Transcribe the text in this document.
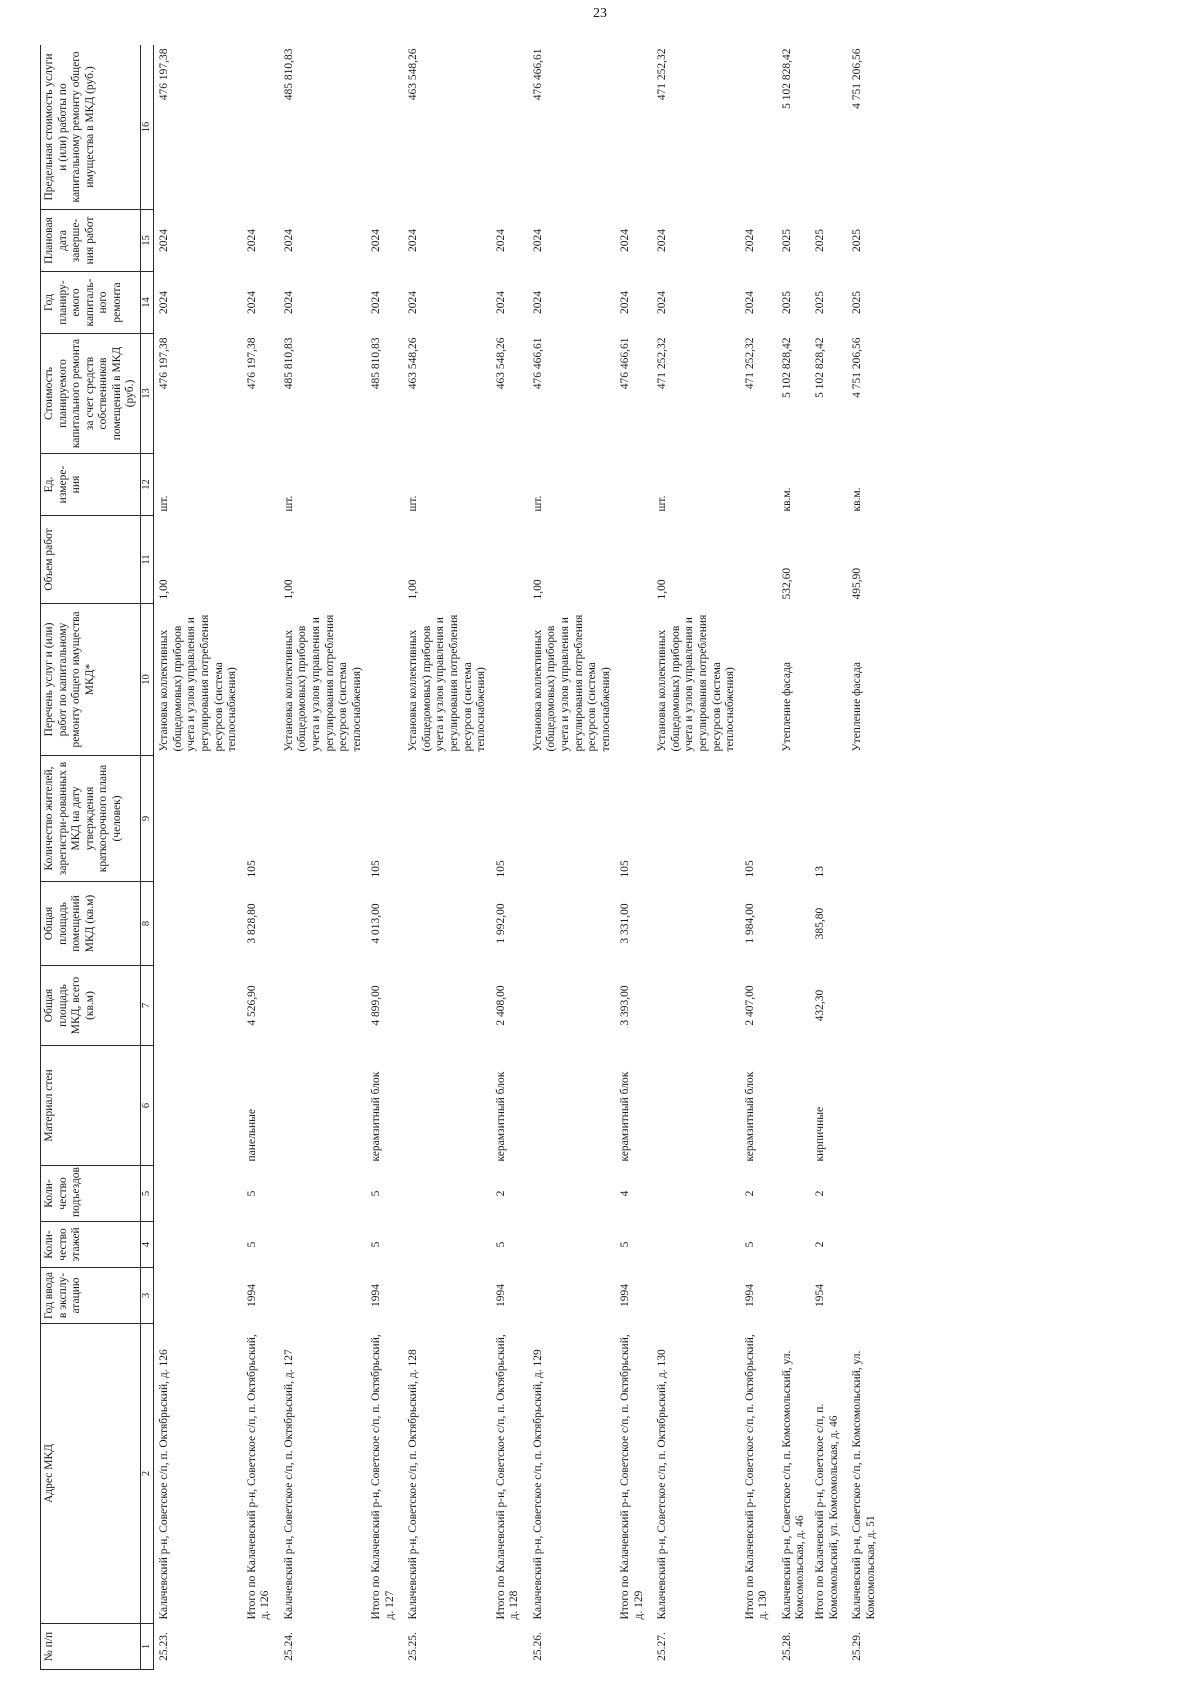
23
№ п/п	Адрес МКД	Год ввода в эксплу-атацию	Коли-чество этажей	Коли-чество подъездов	Материал стен	Общая площадь МКД, всего (кв.м)	Общая площадь помещений МКД (кв.м)	Количество жителей, зарегистри-рованных в МКД на дату утверждения краткосрочного плана (человек)	Перечень услуг и (или) работ по капитальному ремонту общего имущества МКД*	Объем работ	Ед. измере-ния	Стоимость планируемого капитального ремонта за счет средств собственников помещений в МКД (руб.)	Год планиру-емого капиталь-ного ремонта	Плановая дата заверше-ния работ	Предельная стоимость услуги и (или) работы по капитальному ремонту общего имущества в МКД (руб.)
1	2	3	4	5	6	7	8	9	10	11	12	13	14	15	16
25.23.	Калачевский р-н, Советское с/п, п. Октябрьский, д. 126								Установка коллективных (общедомовых) приборов учета и узлов управления и регулирования потребления ресурсов (система теплоснабжения)	1,00	шт.	476 197,38	2024	2024	476 197,38
	Итого по Калачевский р-н, Советское с/п, п. Октябрьский, д. 126	1994	5	5	панельные	4 526,90	3 828,80	105				476 197,38	2024	2024	
25.24.	Калачевский р-н, Советское с/п, п. Октябрьский, д. 127								Установка коллективных (общедомовых) приборов учета и узлов управления и регулирования потребления ресурсов (система теплоснабжения)	1,00	шт.	485 810,83	2024	2024	485 810,83
	Итого по Калачевский р-н, Советское с/п, п. Октябрьский, д. 127	1994	5	5	керамзитный блок	4 899,00	4 013,00	105				485 810,83	2024	2024	
25.25.	Калачевский р-н, Советское с/п, п. Октябрьский, д. 128								Установка коллективных (общедомовых) приборов учета и узлов управления и регулирования потребления ресурсов (система теплоснабжения)	1,00	шт.	463 548,26	2024	2024	463 548,26
	Итого по Калачевский р-н, Советское с/п, п. Октябрьский, д. 128	1994	5	2	керамзитный блок	2 408,00	1 992,00	105				463 548,26	2024	2024	
25.26.	Калачевский р-н, Советское с/п, п. Октябрьский, д. 129								Установка коллективных (общедомовых) приборов учета и узлов управления и регулирования потребления ресурсов (система теплоснабжения)	1,00	шт.	476 466,61	2024	2024	476 466,61
	Итого по Калачевский р-н, Советское с/п, п. Октябрьский, д. 129	1994	5	4	керамзитный блок	3 393,00	3 331,00	105				476 466,61	2024	2024	
25.27.	Калачевский р-н, Советское с/п, п. Октябрьский, д. 130								Установка коллективных (общедомовых) приборов учета и узлов управления и регулирования потребления ресурсов (система теплоснабжения)	1,00	шт.	471 252,32	2024	2024	471 252,32
	Итого по Калачевский р-н, Советское с/п, п. Октябрьский, д. 130	1994	5	2	керамзитный блок	2 407,00	1 984,00	105				471 252,32	2024	2024	
25.28.	Калачевский р-н, Советское с/п, п. Комсомольский, ул. Комсомольская, д. 46								Утепление фасада	532,60	кв.м.	5 102 828,42	2025	2025	5 102 828,42
	Итого по Калачевский р-н, Советское с/п, п. Комсомольский, ул. Комсомольская, д. 46	1954	2	2	кирпичные	432,30	385,80	13				5 102 828,42	2025	2025	
25.29.	Калачевский р-н, Советское с/п, п. Комсомольский, ул. Комсомольская, д. 51								Утепление фасада	495,90	кв.м.	4 751 206,56	2025	2025	4 751 206,56
